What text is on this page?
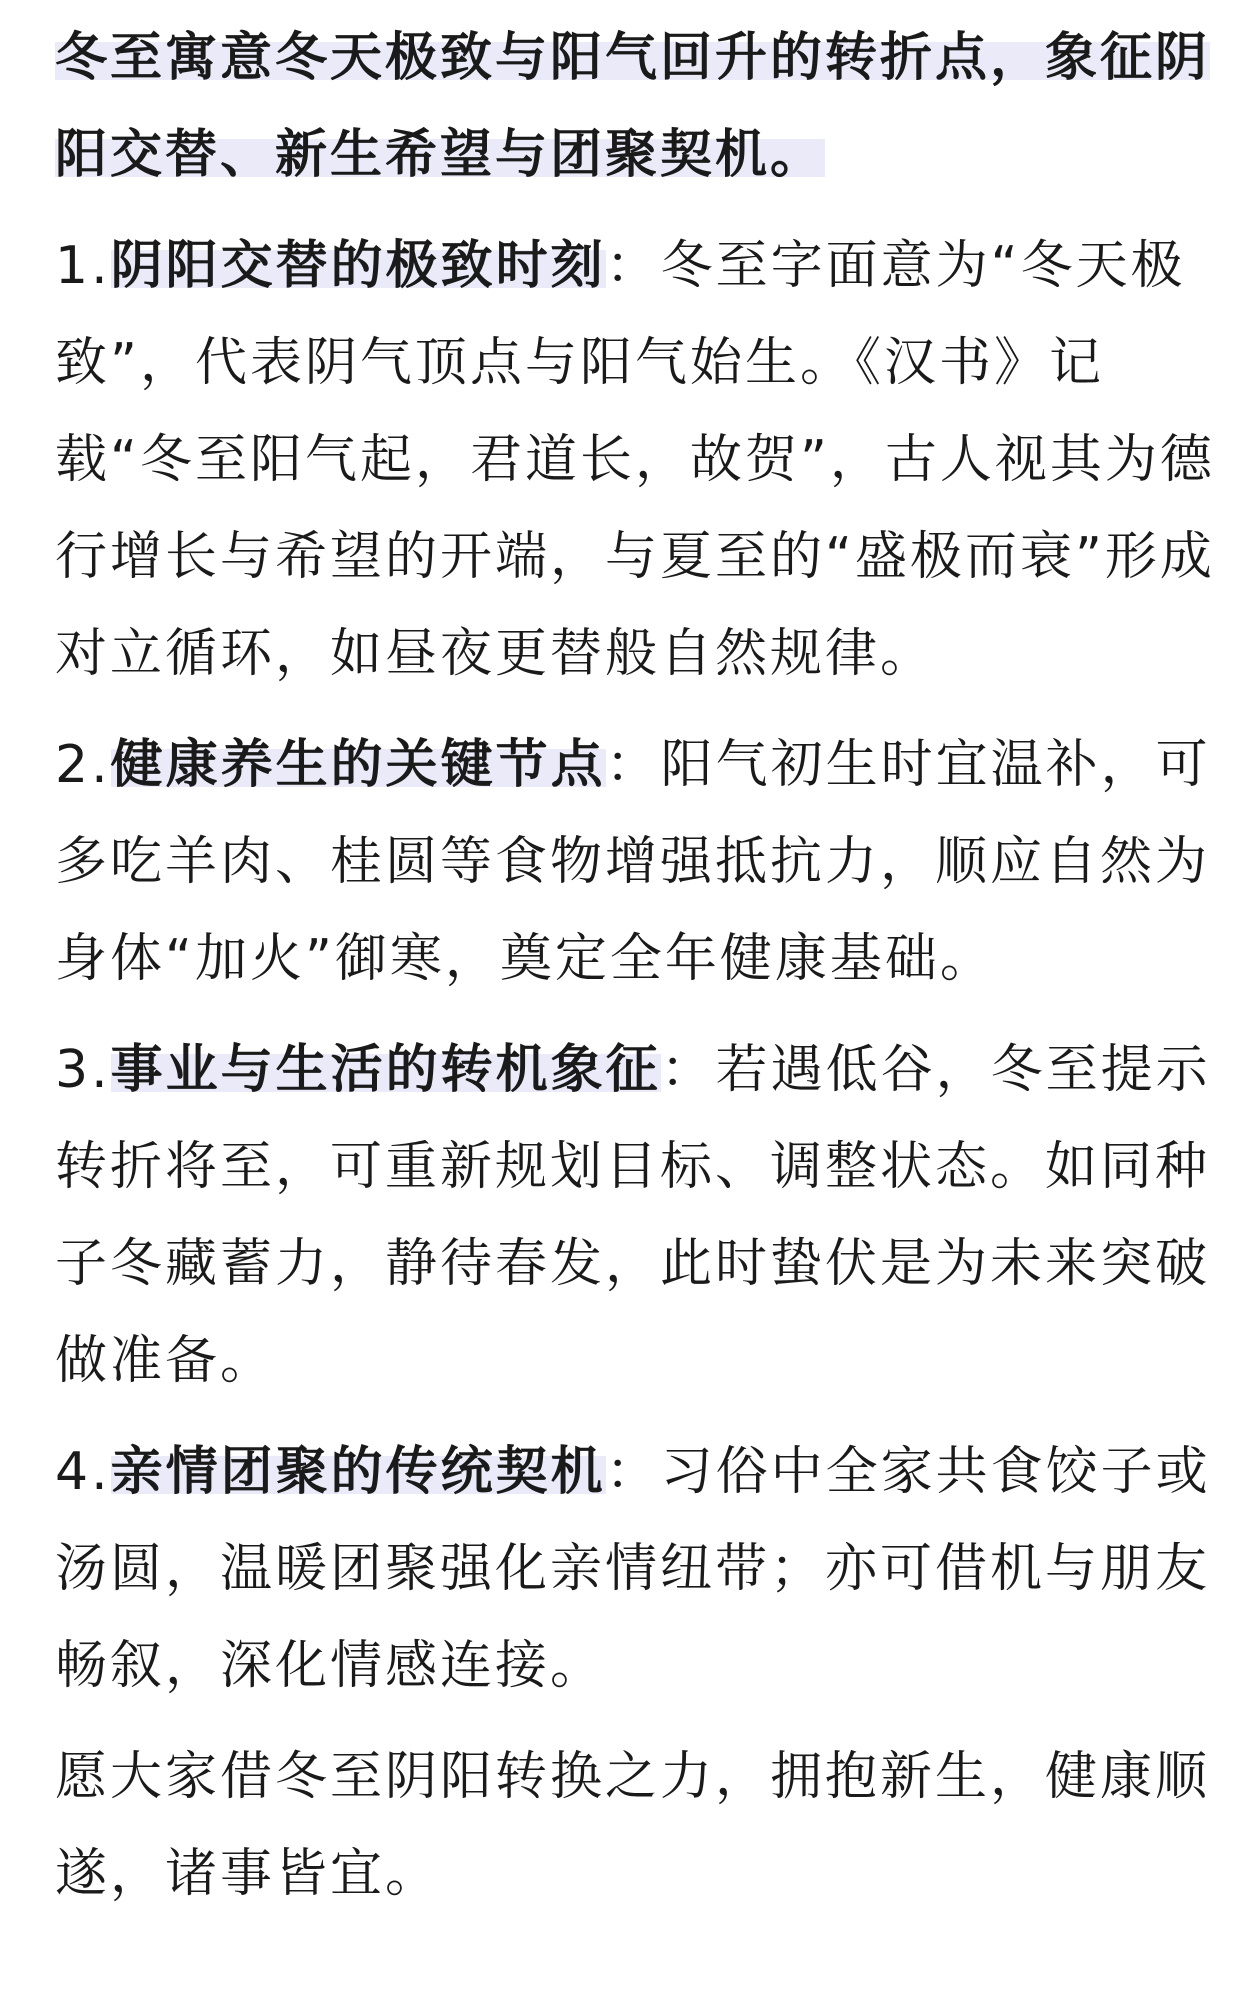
冬至寓意冬天极致与阳气回升的转折点，象征阴阳交替、新生希望与团聚契机。

1.阴阳交替的极致时刻：冬至字面意为“冬天极致”，代表阴气顶点与阳气始生。《汉书》记载“冬至阳气起，君道长，故贺”，古人视其为德行增长与希望的开端，与夏至的“盛极而衰”形成对立循环，如昼夜更替般自然规律。

2.健康养生的关键节点：阳气初生时宜温补，可多吃羊肉、桂圆等食物增强抵抗力，顺应自然为身体“加火”御寒，奠定全年健康基础。

3.事业与生活的转机象征：若遇低谷，冬至提示转折将至，可重新规划目标、调整状态。如同种子冬藏蓄力，静待春发，此时蛰伏是为未来突破做准备。

4.亲情团聚的传统契机：习俗中全家共食饺子或汤圆，温暖团聚强化亲情纽带；亦可借机与朋友畅叙，深化情感连接。

愿大家借冬至阴阳转换之力，拥抱新生，健康顺遂，诸事皆宜。
